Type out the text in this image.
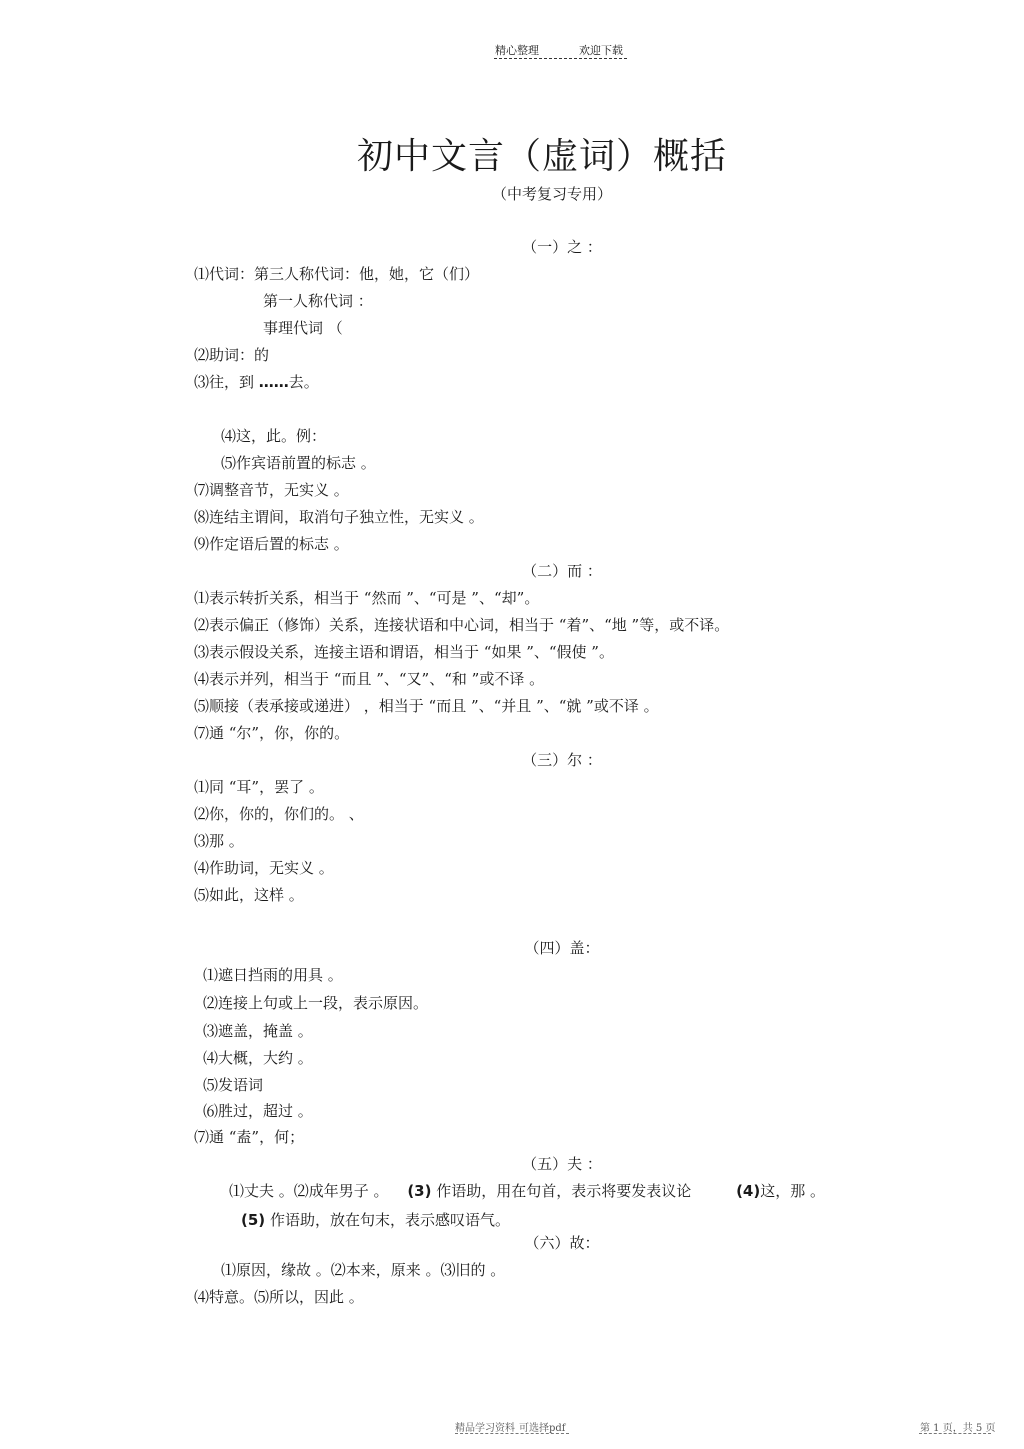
精心整理	欢迎下载
初中文言（虚词）概括
（中考复习专用）
（一）之 ：
⑴代词：第三人称代词：他，她，它（们）
第一人称代词 ：
事理代词 （
⑵助词：的
⑶往，到 ……去。
⑷这，此。例：
⑸作宾语前置的标志 。
⑺调整音节，无实义 。
⑻连结主谓间，取消句子独立性，无实义 。
⑼作定语后置的标志 。
（二）而 ：
⑴表示转折关系，相当于 “然而 ”、“可是 ”、“却”。
⑵表示偏正（修饰）关系，连接状语和中心词，相当于 “着”、“地 ”等，或不译。
⑶表示假设关系，连接主语和谓语，相当于 “如果 ”、“假使 ”。
⑷表示并列，相当于 “而且 ”、“又”、“和 ”或不译 。
⑸顺接（表承接或递进） ，相当于 “而且 ”、“并且 ”、“就 ”或不译 。
⑺通 “尔”，你，你的。
（三）尔 ：
⑴同 “耳”，罢了 。
⑵你，你的，你们的。 、
⑶那 。
⑷作助词，无实义 。
⑸如此，这样 。
（四）盖：
⑴遮日挡雨的用具 。
⑵连接上句或上一段，表示原因。
⑶遮盖，掩盖 。
⑷大概，大约 。
⑸发语词
⑹胜过，超过 。
⑺通 “盍”，何；
（五）夫 ：
⑴丈夫 。⑵成年男子 。 (3) 作语助，用在句首，表示将要发表议论	(4)这，那 。
(5) 作语助，放在句末，表示感叹语气。
（六）故：
⑴原因，缘故 。⑵本来，原来 。⑶旧的 。
⑷特意。⑸所以，因此 。
精品学习资料 可选择pdf	第 1 页，共 5 页
